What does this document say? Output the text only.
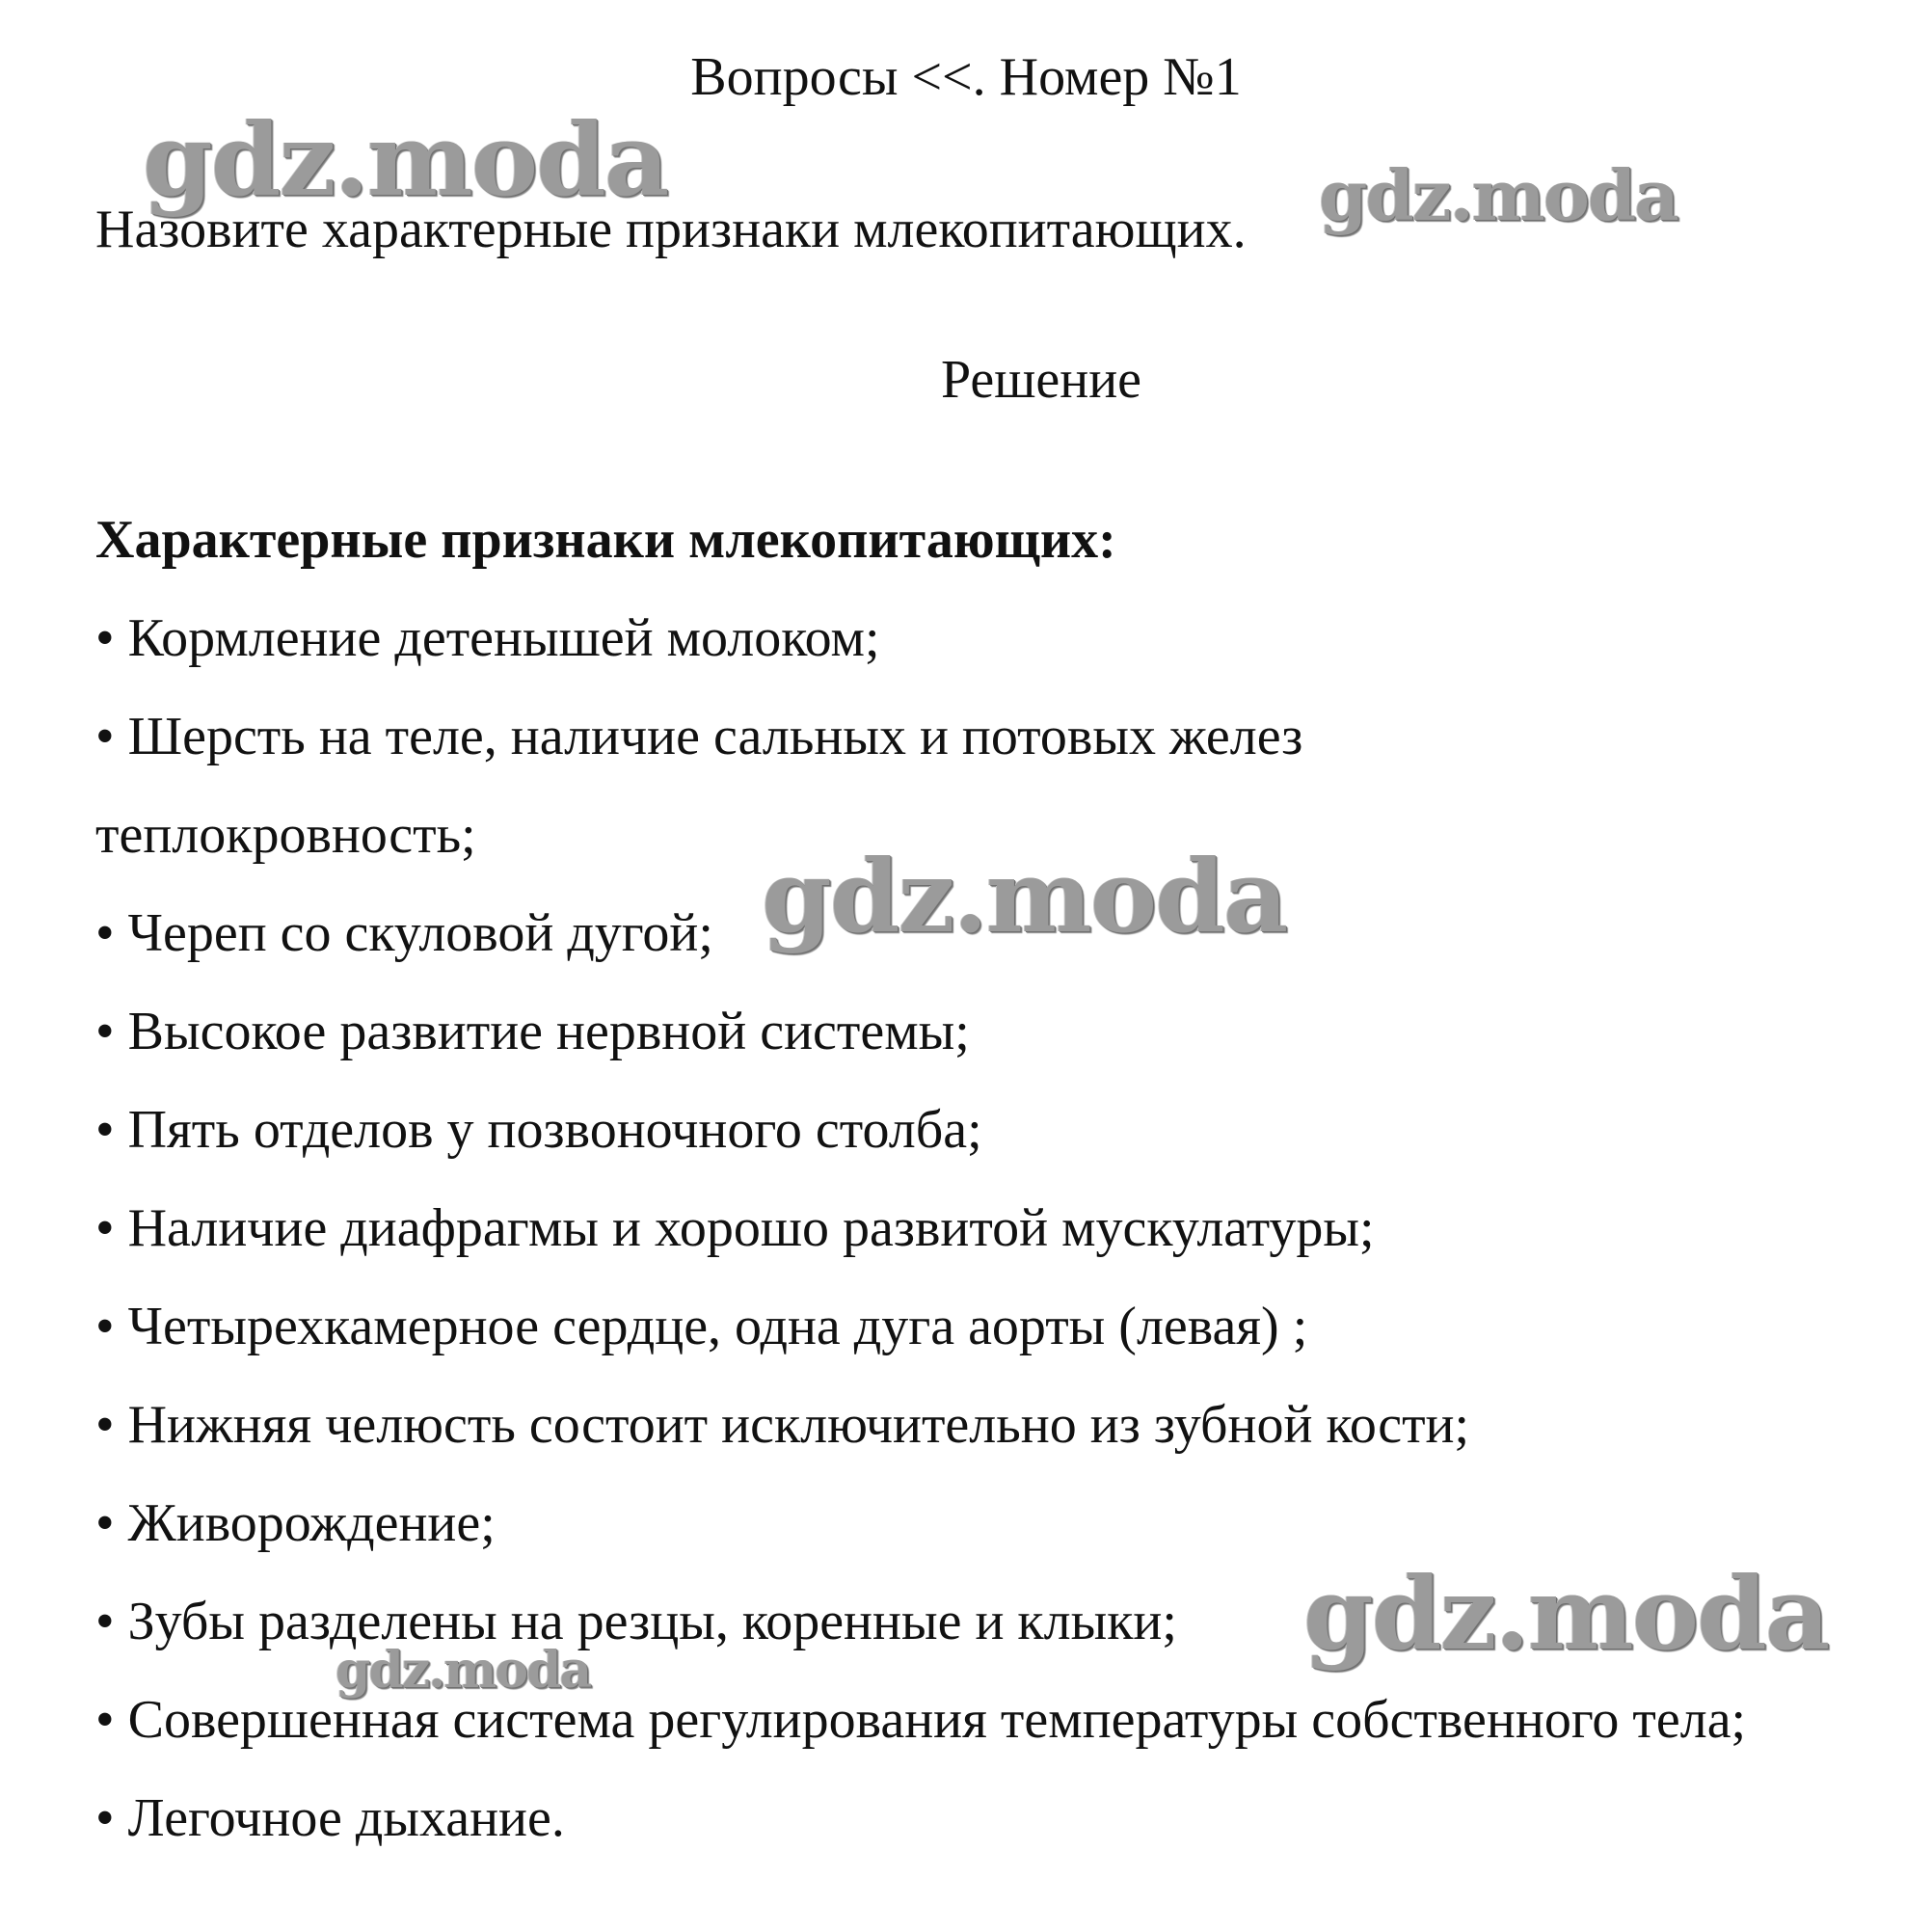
Вопросы <<. Номер №1

Назовите характерные признаки млекопитающих.

Решение

Характерные признаки млекопитающих:

• Кормление детенышей молоком;
• Шерсть на теле, наличие сальных и потовых желез
теплокровность;
• Череп со скуловой дугой;
• Высокое развитие нервной системы;
• Пять отделов у позвоночного столба;
• Наличие диафрагмы и хорошо развитой мускулатуры;
• Четырехкамерное сердце, одна дуга аорты (левая) ;
• Нижняя челюсть состоит исключительно из зубной кости;
• Живорождение;
• Зубы разделены на резцы, коренные и клыки;
• Совершенная система регулирования температуры собственного тела;
• Легочное дыхание.
gdz.moda	gdz.moda
gdz.moda
gdz.moda
gdz.moda
